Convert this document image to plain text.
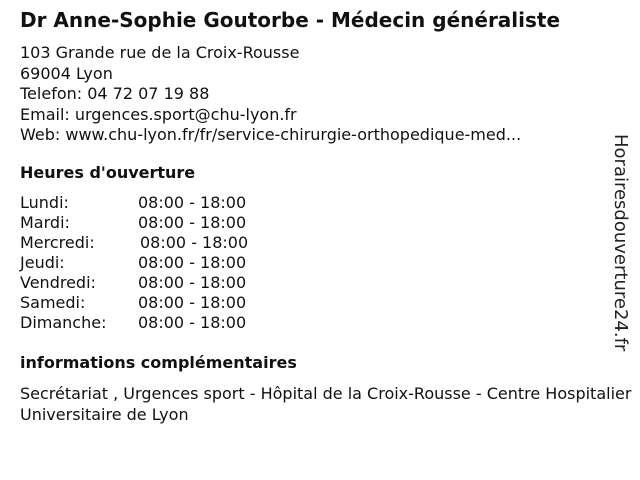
Dr Anne-Sophie Goutorbe - Médecin généraliste
103 Grande rue de la Croix-Rousse
69004 Lyon
Telefon: 04 72 07 19 88
Email: urgences.sport@chu-lyon.fr
Web: www.chu-lyon.fr/fr/service-chirurgie-orthopedique-med...
Heures d'ouverture
Lundi:	08:00 - 18:00
Mardi:	08:00 - 18:00
Mercredi:	08:00 - 18:00
Jeudi:	08:00 - 18:00
Vendredi:	08:00 - 18:00
Samedi:	08:00 - 18:00
Dimanche: 08:00 - 18:00
informations complémentaires
Secrétariat , Urgences sport - Hôpital de la Croix-Rousse - Centre Hospitalier Universitaire de Lyon
Horairesdouverture24.fr
